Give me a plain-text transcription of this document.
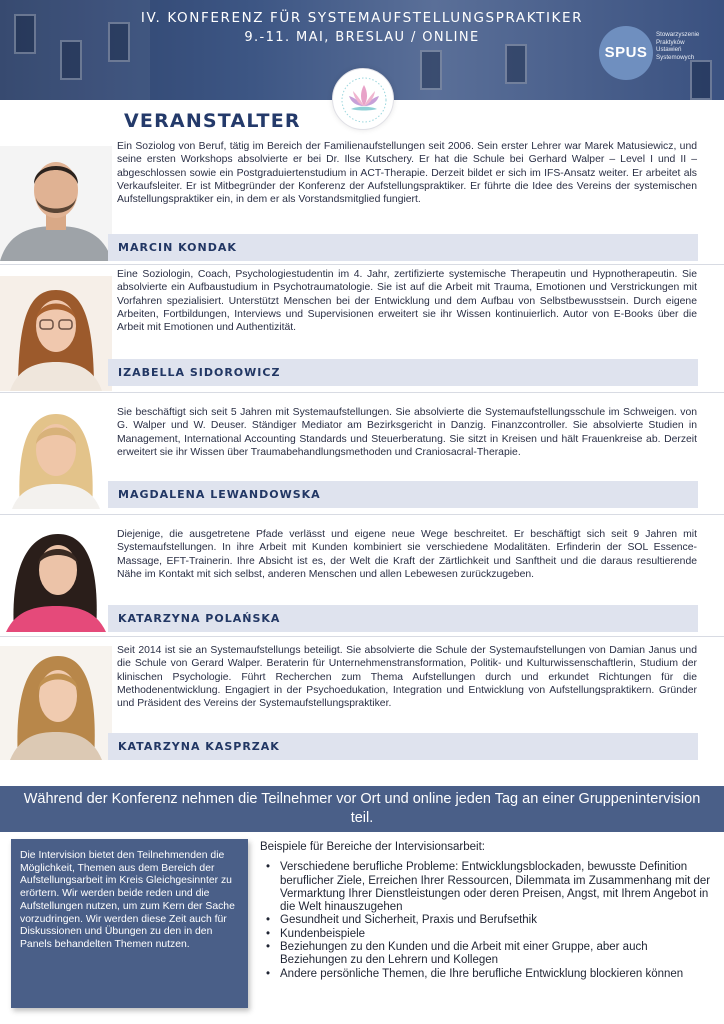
IV. KONFERENZ FÜR SYSTEMAUFSTELLUNGSPRAKTIKER
9.-11. MAI, BRESLAU / ONLINE
SPUS
Stowarzyszenie
Praktyków
Ustawień
Systemowych
VERANSTALTER
Ein Soziolog von Beruf, tätig im Bereich der Familienaufstellungen seit 2006. Sein erster Lehrer war Marek Matusiewicz, und seine ersten Workshops absolvierte er bei Dr. Ilse Kutschery. Er hat die Schule bei Gerhard Walper – Level I und II – abgeschlossen sowie ein Postgraduiertenstudium in ACT-Therapie. Derzeit bildet er sich im IFS-Ansatz weiter. Er arbeitet als Verkaufsleiter. Er ist Mitbegründer der Konferenz der Aufstellungspraktiker. Er führte die Idee des Vereins der systemischen Aufstellungspraktiker ein, in dem er als Vorstandsmitglied fungiert.
MARCIN KONDAK
Eine Soziologin, Coach, Psychologiestudentin im 4. Jahr, zertifizierte systemische Therapeutin und Hypnotherapeutin. Sie absolvierte ein Aufbaustudium in Psychotraumatologie. Sie ist auf die Arbeit mit Trauma, Emotionen und Verstrickungen mit Vorfahren spezialisiert. Unterstützt Menschen bei der Entwicklung und dem Aufbau von Selbstbewusstsein. Durch eigene Arbeiten, Fortbildungen, Interviews und Supervisionen erweitert sie ihr Wissen kontinuierlich. Autor von E-Books über die Arbeit mit Emotionen und Authentizität.
IZABELLA SIDOROWICZ
Sie beschäftigt sich seit 5 Jahren mit Systemaufstellungen. Sie absolvierte die Systemaufstellungsschule im Schweigen. von G. Walper und W. Deuser. Ständiger Mediator am Bezirksgericht in Danzig. Finanzcontroller. Sie absolvierte Studien in Management, International Accounting Standards und Steuerberatung. Sie sitzt in Kreisen und hält Frauenkreise ab. Derzeit erweitert sie ihr Wissen über Traumabehandlungsmethoden und Craniosacral-Therapie.
MAGDALENA LEWANDOWSKA
Diejenige, die ausgetretene Pfade verlässt und eigene neue Wege beschreitet. Er beschäftigt sich seit 9 Jahren mit Systemaufstellungen. In ihre Arbeit mit Kunden kombiniert sie verschiedene Modalitäten. Erfinderin der SOL Essence-Massage, EFT-Trainerin. Ihre Absicht ist es, der Welt die Kraft der Zärtlichkeit und Sanftheit und die daraus resultierende Nähe im Kontakt mit sich selbst, anderen Menschen und allen Lebewesen zurückzugeben.
KATARZYNA POLAŃSKA
Seit 2014 ist sie an Systemaufstellungs beteiligt. Sie absolvierte die Schule der Systemaufstellungen von Damian Janus und die Schule von Gerard Walper. Beraterin für Unternehmenstransformation, Politik- und Kulturwissenschaftlerin, Studium der klinischen Psychologie. Führt Recherchen zum Thema Aufstellungen durch und erkundet Richtungen für die Methodenentwicklung. Engagiert in der Psychoedukation, Integration und Entwicklung von Aufstellungspraktikern. Gründer und Präsident des Vereins der Systemaufstellungspraktiker.
KATARZYNA KASPRZAK
Während der Konferenz nehmen die Teilnehmer vor Ort und online jeden Tag an einer Gruppenintervision teil.

Die Intervision bietet den Teilnehmenden die Möglichkeit, Themen aus dem Bereich der Aufstellungsarbeit im Kreis Gleichgesinnter zu erörtern. Wir werden beide reden und die Aufstellungen nutzen, um zum Kern der Sache vorzudringen. Wir werden diese Zeit auch für Diskussionen und Übungen zu den in den Panels behandelten Themen nutzen.

Beispiele für Bereiche der Intervisionsarbeit:
• Verschiedene berufliche Probleme: Entwicklungsblockaden, bewusste Definition beruflicher Ziele, Erreichen Ihrer Ressourcen, Dilemmata im Zusammenhang mit der Vermarktung Ihrer Dienstleistungen oder deren Preisen, Angst, mit Ihrem Angebot in die Welt hinauszugehen
• Gesundheit und Sicherheit, Praxis und Berufsethik
• Kundenbeispiele
• Beziehungen zu den Kunden und die Arbeit mit einer Gruppe, aber auch Beziehungen zu den Lehrern und Kollegen
• Andere persönliche Themen, die Ihre berufliche Entwicklung blockieren können
